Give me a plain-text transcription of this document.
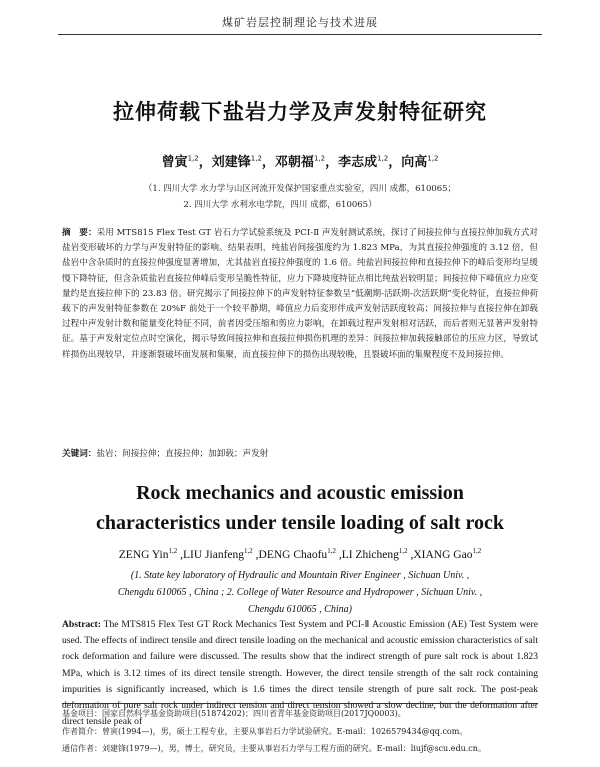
煤矿岩层控制理论与技术进展
拉伸荷载下盐岩力学及声发射特征研究
曾寅$^{1,2}$，刘建锋$^{1,2}$，邓朝福$^{1,2}$，李志成$^{1,2}$，向高$^{1,2}$
（1. 四川大学 水力学与山区河流开发保护国家重点实验室，四川 成都，610065；
2. 四川大学 水利水电学院，四川 成都，610065）
摘　要：采用 MTS815 Flex Test GT 岩石力学试验系统及 PCI-Ⅱ 声发射测试系统，探讨了间接拉伸与直接拉伸加载方式对盐岩变形破坏的力学与声发射特征的影响。结果表明，纯盐岩间接强度约为 1.823 MPa，为其直接拉伸强度的 3.12 倍，但盐岩中含杂质时的直接拉伸强度显著增加，尤其盐岩直接拉伸强度的 1.6 倍。纯盐岩间接拉伸和直接拉伸下的峰后变形均呈缓慢下降特征，但含杂质盐岩直接拉伸峰后变形呈脆性特征，应力下降坡度特征点相比纯盐岩较明显；间接拉伸下峰值应力应变量约是直接拉伸下的 23.83 倍。研究揭示了间接拉伸下的声发射特征参数呈“低潮期-活跃期-次活跃期”变化特征，直接拉伸荷载下的声发射特征参数在 20%F 前处于一个较平静期，峰值应力后変形伴成声发射活跃度较高；间接拉伸与直接拉伸在卸载过程中声发射计数和能量变化特征不同，前者因受压缩和剪应力影响，在卸载过程声发射相对活跃，而后者则无显著声发射特征。基于声发射定位点时空演化，揭示导致间接拉伸和直接拉伸损伤机理的差异：间接拉伸加载接触部位的压应力区，导致试样损伤出现较早，并逐渐裂破坏面发展和集聚，而直接拉伸下的损伤出现较晚，且裂破坏面的集聚程度不及间接拉伸。
关键词：盐岩；间接拉伸；直接拉伸；加卸载；声发射
Rock mechanics and acoustic emission
characteristics under tensile loading of salt rock
ZENG Yin$^{1,2}$ ,LIU Jianfeng$^{1,2}$ ,DENG Chaofu$^{1,2}$ ,LI Zhicheng$^{1,2}$ ,XIANG Gao$^{1,2}$
(1. State key laboratory of Hydraulic and Mountain River Engineer , Sichuan Univ. ,
Chengdu 610065 , China ; 2. College of Water Resource and Hydropower , Sichuan Univ. ,
Chengdu 610065 , China)
Abstract: The MTS815 Flex Test GT Rock Mechanics Test System and PCI-Ⅱ Acoustic Emission (AE) Test System were used. The effects of indirect tensile and direct tensile loading on the mechanical and acoustic emission characteristics of salt rock deformation and failure were discussed. The results show that the indirect strength of pure salt rock is about 1.823 MPa, which is 3.12 times of its direct tensile strength. However, the direct tensile strength of the salt rock containing impurities is significantly increased, which is 1.6 times the direct tensile strength of pure salt rock. The post-peak deformation of pure salt rock under indirect tension and direct tension showed a slow decline, but the deformation after direct tensile peak of
基金项目：国家自然科学基金资助项目(51874202)；四川省青年基金资助项目(2017JQ0003)。
作者简介：曾寅(1994—)，男，硕士工程专业，主要从事岩石力学试验研究。E-mail：1026579434@qq.com。
通信作者：刘建锋(1979—)，男，博士，研究员，主要从事岩石力学与工程方面的研究。E-mail：liujf@scu.edu.cn。
